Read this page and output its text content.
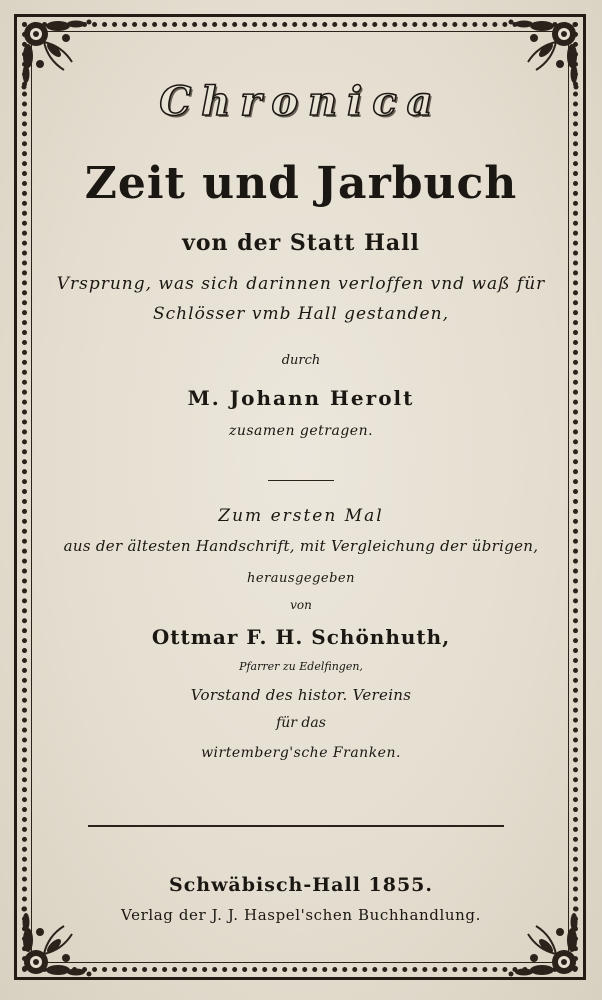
Chronica
Zeit und Jarbuch
von der Statt Hall
Vrsprung, was sich darinnen verloffen vnd waß für
Schlösser vmb Hall gestanden,
durch
M. Johann Herolt
zusamen getragen.
Zum ersten Mal
aus der ältesten Handschrift, mit Vergleichung der übrigen,
herausgegeben
von
Ottmar F. H. Schönhuth,
Pfarrer zu Edelfingen,
Vorstand des histor. Vereins
für das
wirtemberg'sche Franken.
Schwäbisch-Hall 1855.
Verlag der J. J. Haspel'schen Buchhandlung.
